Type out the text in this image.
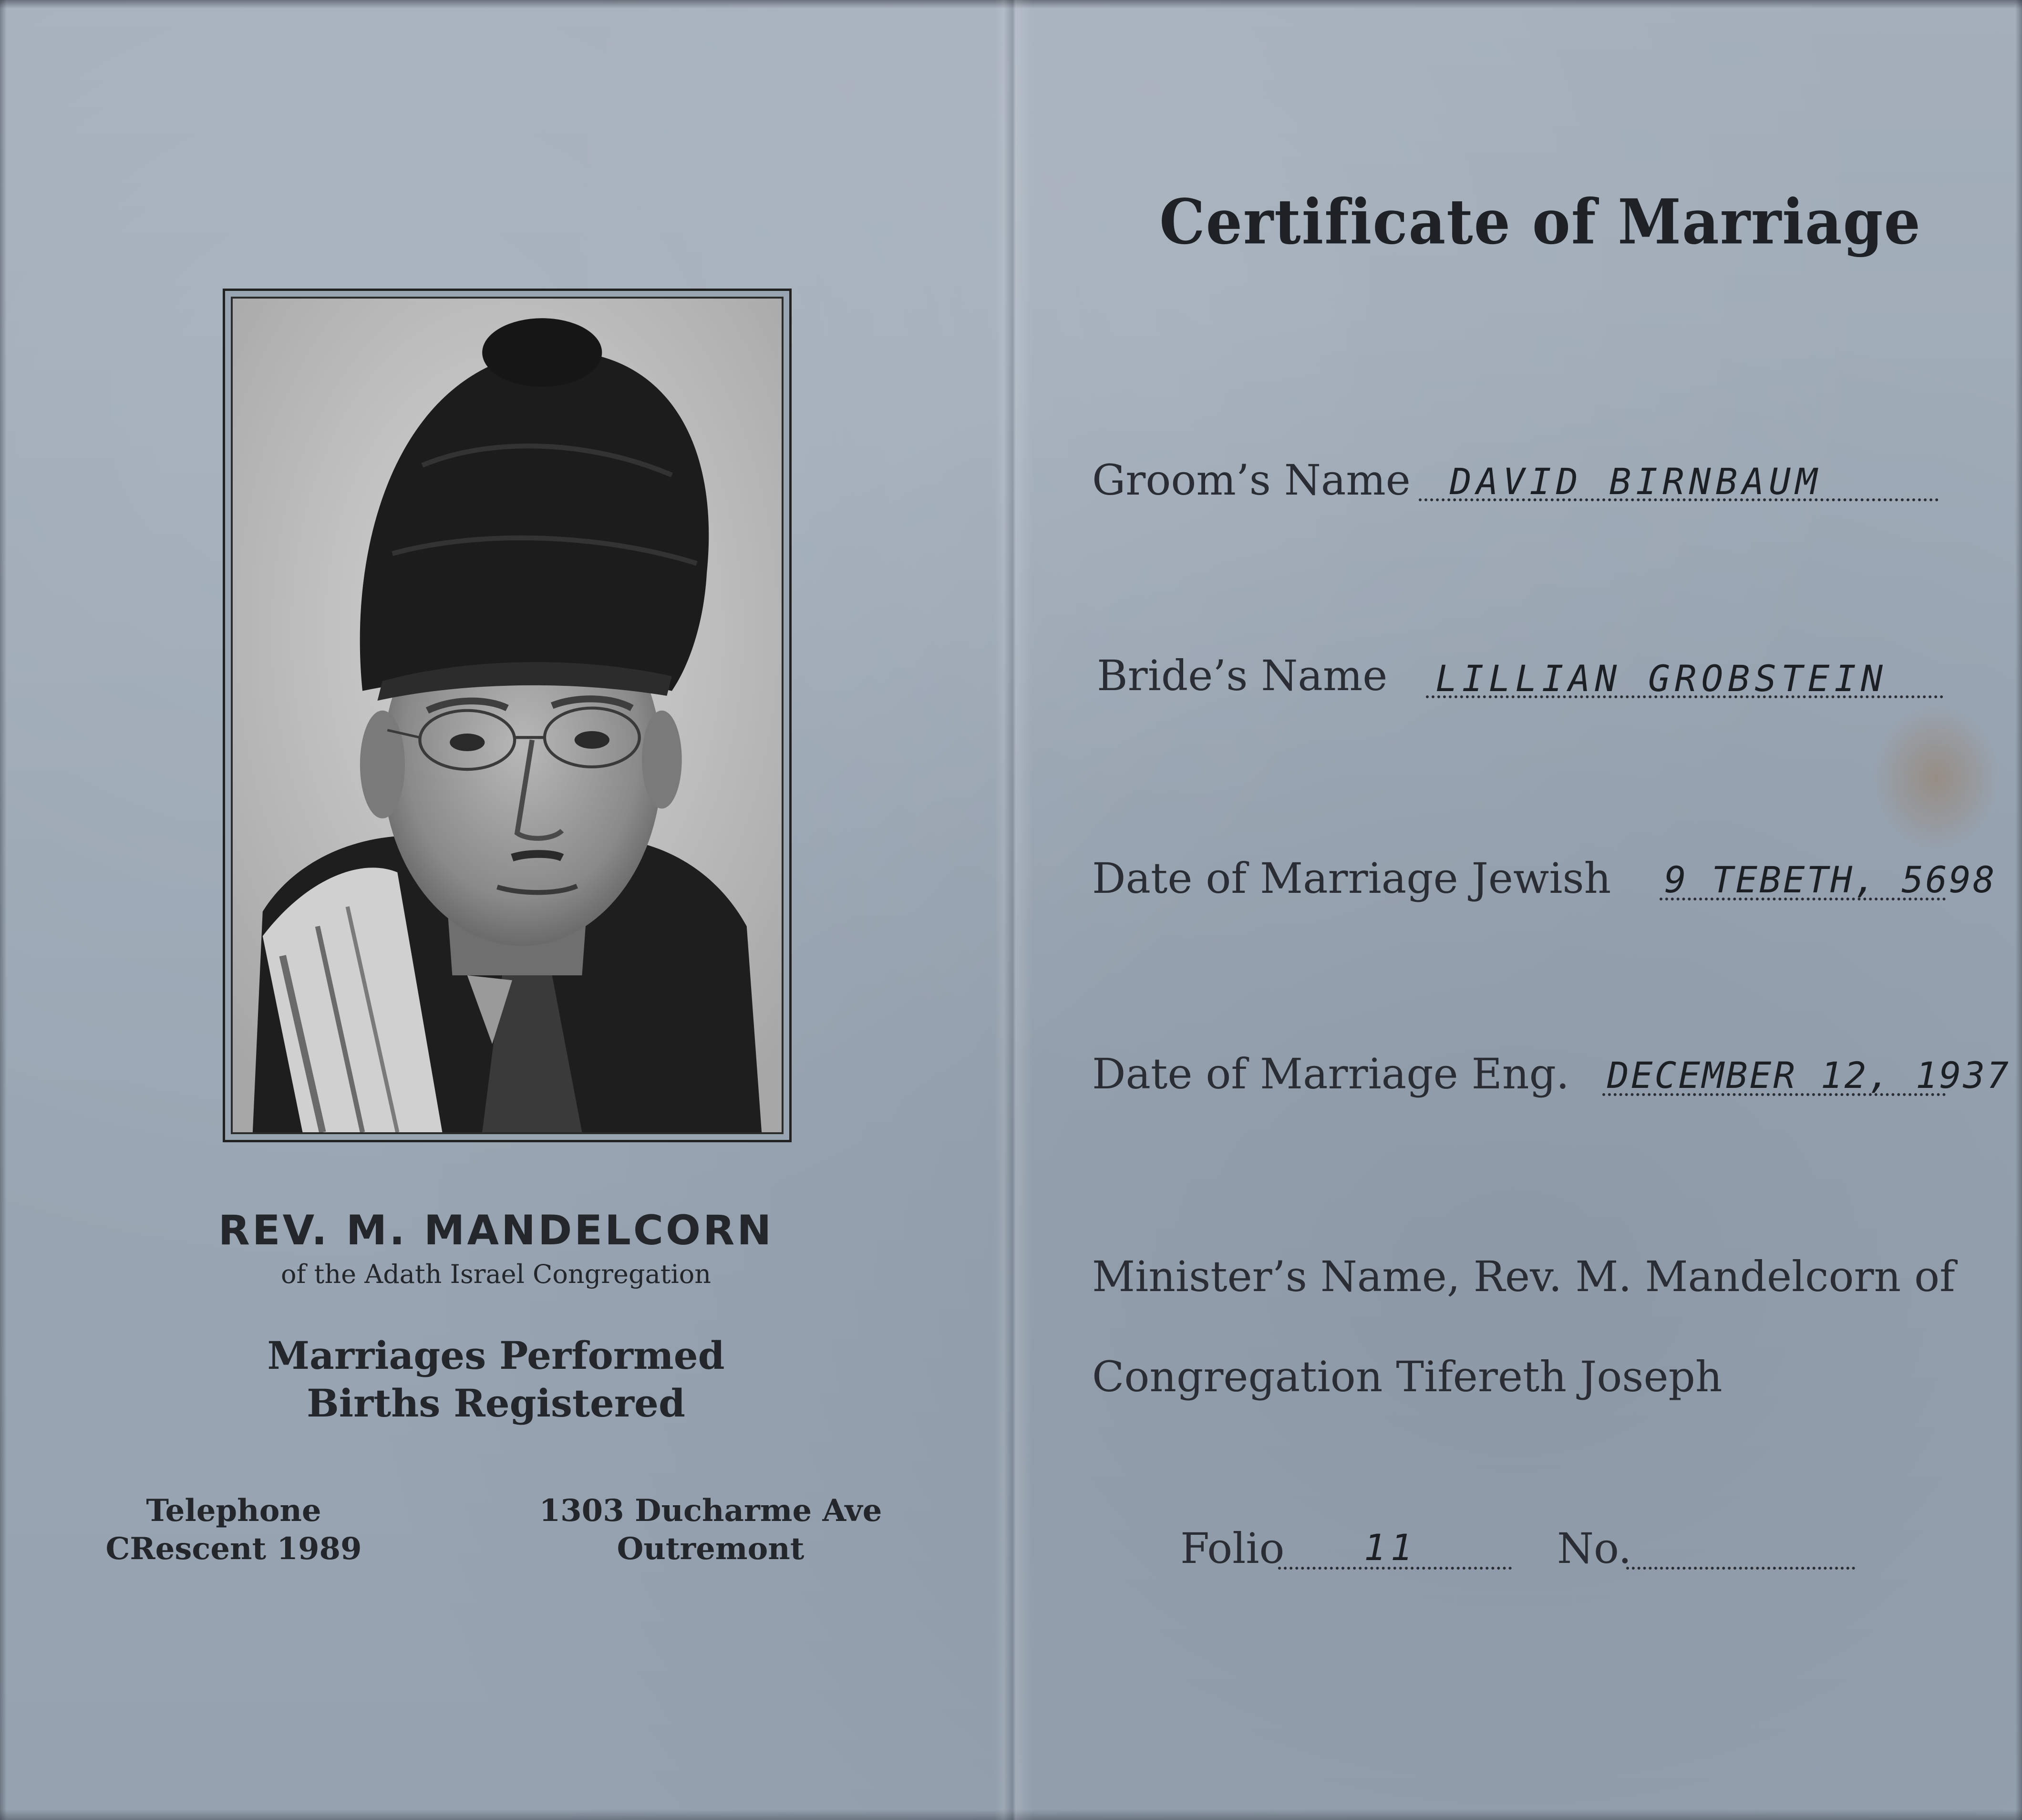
REV. M. MANDELCORN
of the Adath Israel Congregation
Marriages Performed
Births Registered
Telephone
CRescent 1989
1303 Ducharme Ave
Outremont
Certificate of Marriage
Groom’s Name DAVID BIRNBAUM
Bride’s Name LILLIAN GROBSTEIN
Date of Marriage Jewish 9 TEBETH, 5698
Date of Marriage Eng. DECEMBER 12, 1937
Minister’s Name, Rev. M. Mandelcorn of
Congregation Tifereth Joseph
Folio 11	No.
